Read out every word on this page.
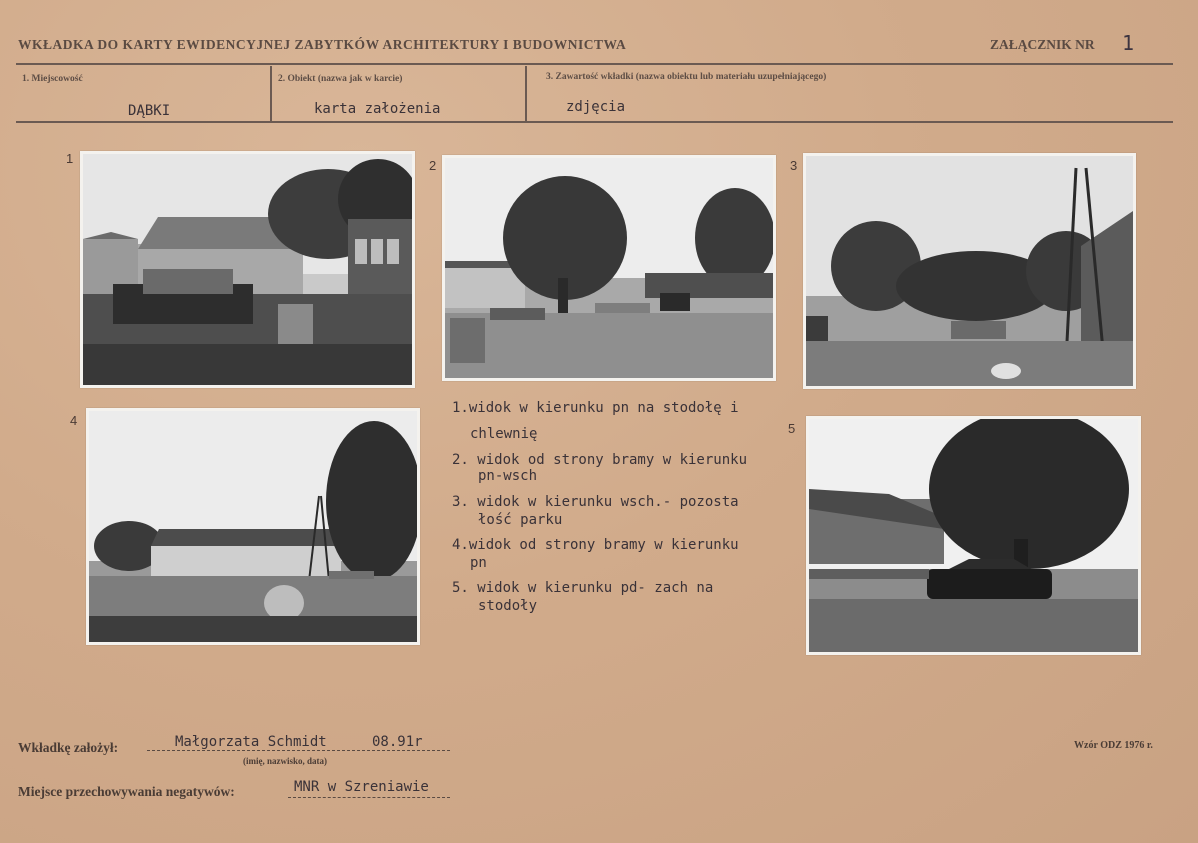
WKŁADKA DO KARTY EWIDENCYJNEJ ZABYTKÓW ARCHITEKTURY I BUDOWNICTWA	ZAŁĄCZNIK NR 1
1. Miejscowość
DĄBKI
2. Obiekt (nazwa jak w karcie)
karta założenia
3. Zawartość wkładki (nazwa obiektu lub materiału uzupełniającego)
zdjęcia
1	2	3
4
5
1.widok w kierunku pn na stodołę i
chlewnię
2. widok od strony bramy w kierunku
pn-wsch
3. widok w kierunku wsch.- pozosta
łość parku
4.widok od strony bramy w kierunku
pn
5. widok w kierunku pd- zach na
stodoły
Wkładkę założył:	Małgorzata Schmidt	08.91r
(imię, nazwisko, data)
Miejsce przechowywania negatywów:	MNR w Szreniawie
Wzór ODZ 1976 r.
